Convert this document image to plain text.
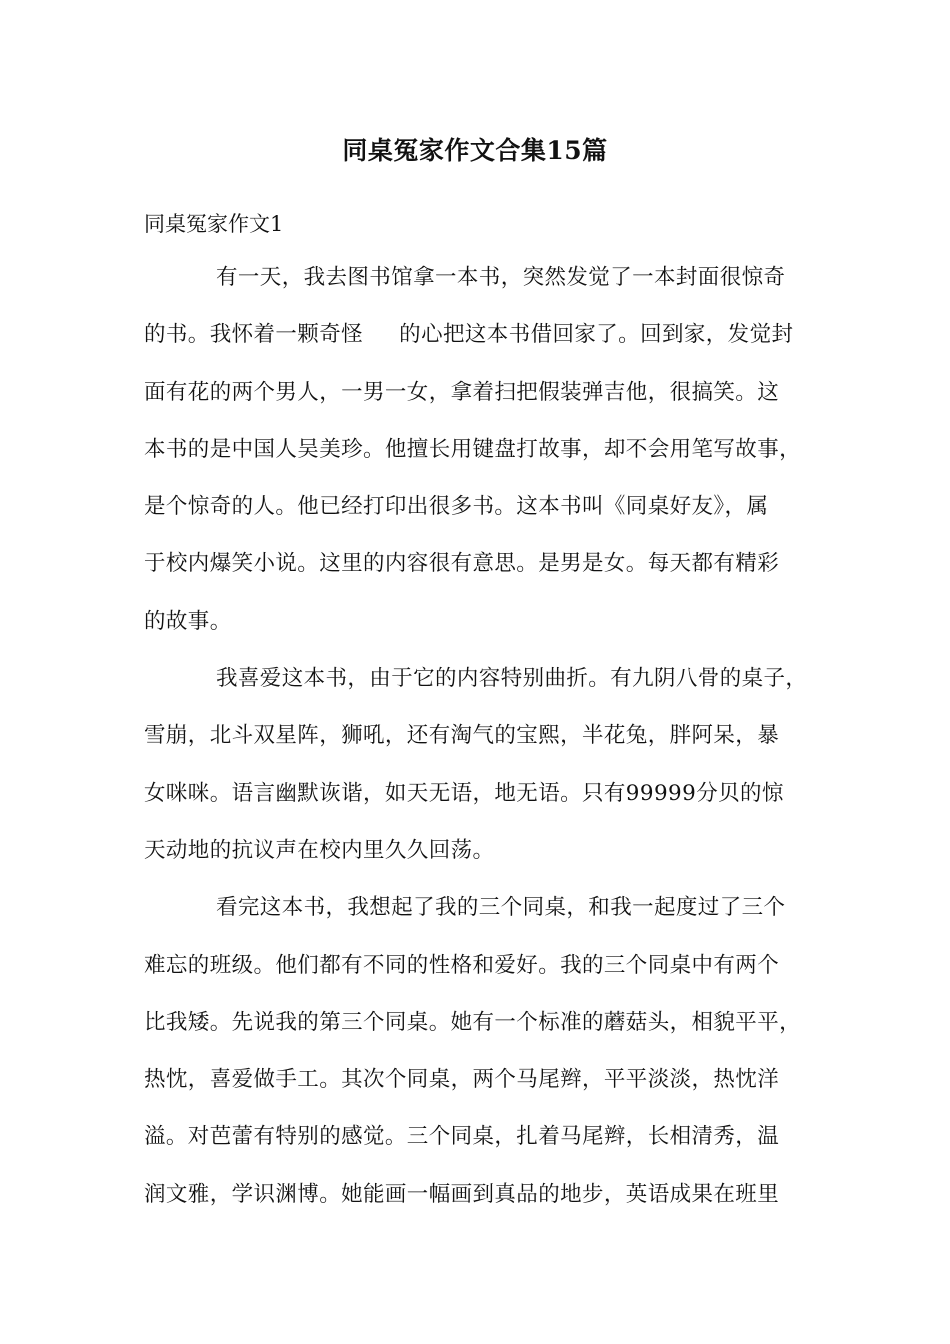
同桌冤家作文合集15篇
同桌冤家作文1
有一天，我去图书馆拿一本书，突然发觉了一本封面很惊奇
的书。我怀着一颗奇怪     的心把这本书借回家了。回到家，发觉封
面有花的两个男人，一男一女，拿着扫把假装弹吉他，很搞笑。这
本书的是中国人吴美珍。他擅长用键盘打故事，却不会用笔写故事，
是个惊奇的人。他已经打印出很多书。这本书叫《同桌好友》，属
于校内爆笑小说。这里的内容很有意思。是男是女。每天都有精彩
的故事。
我喜爱这本书，由于它的内容特别曲折。有九阴八骨的桌子，
雪崩，北斗双星阵，狮吼，还有淘气的宝熙，半花兔，胖阿呆，暴
女咪咪。语言幽默诙谐，如天无语，地无语。只有99999分贝的惊
天动地的抗议声在校内里久久回荡。
看完这本书，我想起了我的三个同桌，和我一起度过了三个
难忘的班级。他们都有不同的性格和爱好。我的三个同桌中有两个
比我矮。先说我的第三个同桌。她有一个标准的蘑菇头，相貌平平，
热忱，喜爱做手工。其次个同桌，两个马尾辫，平平淡淡，热忱洋
溢。对芭蕾有特别的感觉。三个同桌，扎着马尾辫，长相清秀，温
润文雅，学识渊博。她能画一幅画到真品的地步，英语成果在班里
